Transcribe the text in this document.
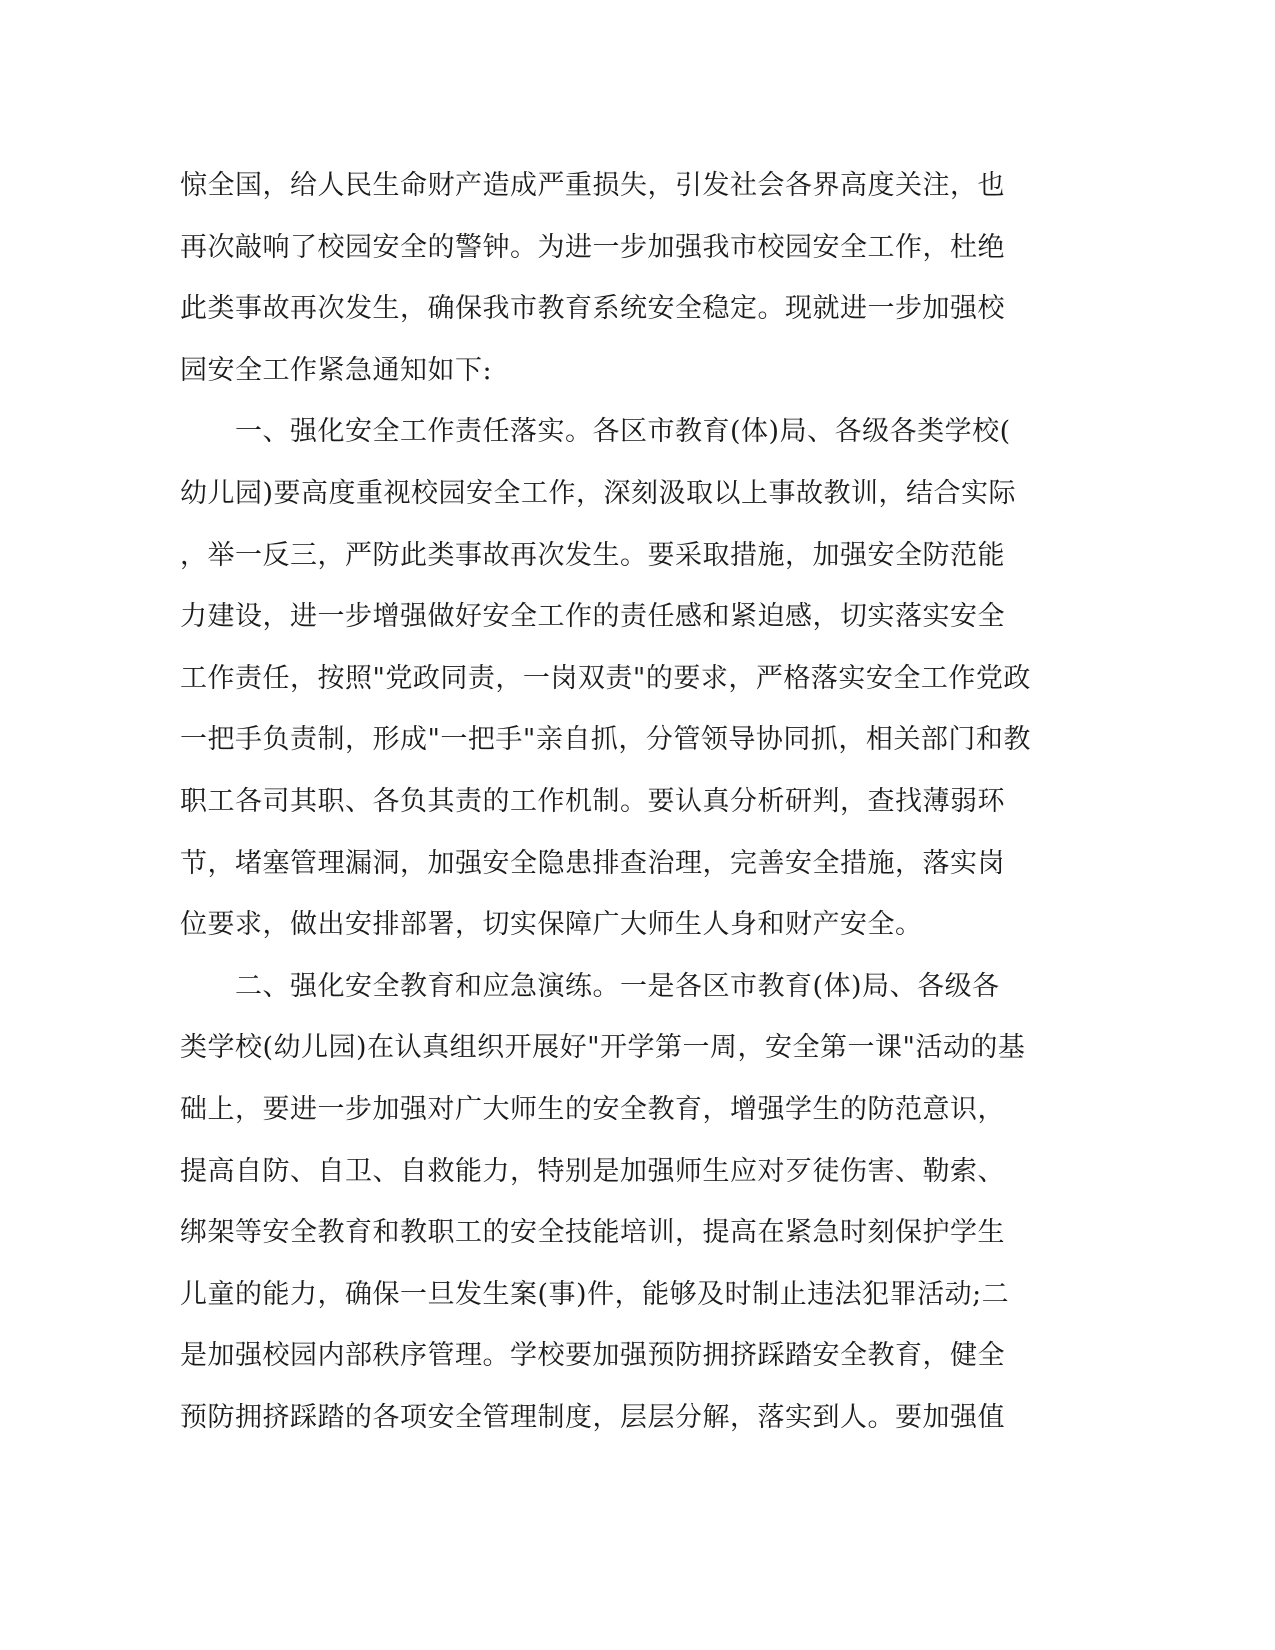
惊全国，给人民生命财产造成严重损失，引发社会各界高度关注，也
再次敲响了校园安全的警钟。为进一步加强我市校园安全工作，杜绝
此类事故再次发生，确保我市教育系统安全稳定。现就进一步加强校
园安全工作紧急通知如下:
　　一、强化安全工作责任落实。各区市教育(体)局、各级各类学校(
幼儿园)要高度重视校园安全工作，深刻汲取以上事故教训，结合实际
，举一反三，严防此类事故再次发生。要采取措施，加强安全防范能
力建设，进一步增强做好安全工作的责任感和紧迫感，切实落实安全
工作责任，按照"党政同责，一岗双责"的要求，严格落实安全工作党政
一把手负责制，形成"一把手"亲自抓，分管领导协同抓，相关部门和教
职工各司其职、各负其责的工作机制。要认真分析研判，查找薄弱环
节，堵塞管理漏洞，加强安全隐患排查治理，完善安全措施，落实岗
位要求，做出安排部署，切实保障广大师生人身和财产安全。
　　二、强化安全教育和应急演练。一是各区市教育(体)局、各级各
类学校(幼儿园)在认真组织开展好"开学第一周，安全第一课"活动的基
础上，要进一步加强对广大师生的安全教育，增强学生的防范意识，
提高自防、自卫、自救能力，特别是加强师生应对歹徒伤害、勒索、
绑架等安全教育和教职工的安全技能培训，提高在紧急时刻保护学生
儿童的能力，确保一旦发生案(事)件，能够及时制止违法犯罪活动;二
是加强校园内部秩序管理。学校要加强预防拥挤踩踏安全教育，健全
预防拥挤踩踏的各项安全管理制度，层层分解，落实到人。要加强值
